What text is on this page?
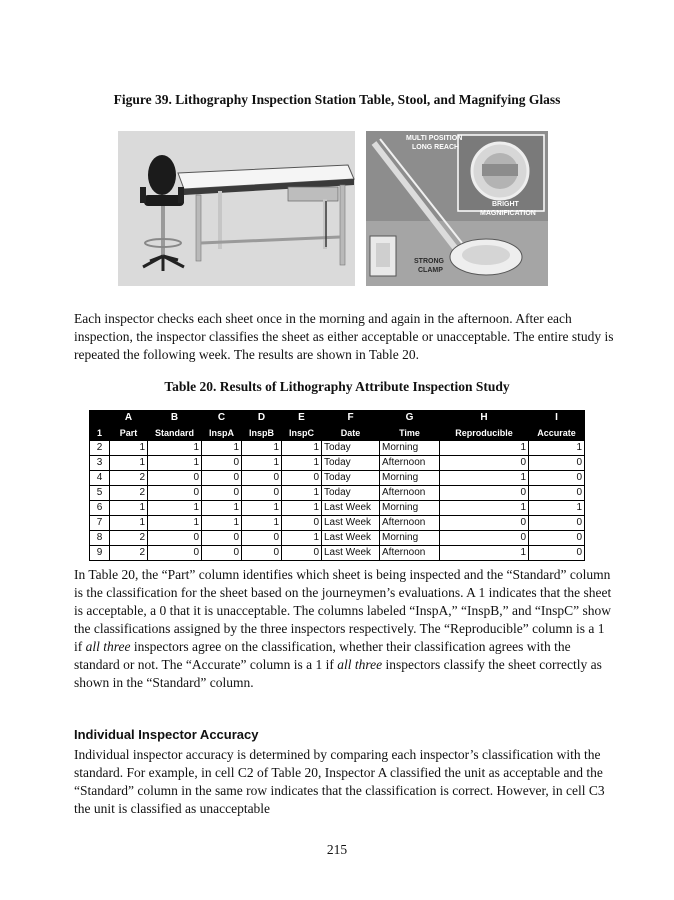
Figure 39. Lithography Inspection Station Table, Stool, and Magnifying Glass
MULTI POSITION
LONG REACH
BRIGHT
MAGNIFICATION
STRONG
CLAMP

Each inspector checks each sheet once in the morning and again in the afternoon. After each inspection, the inspector classifies the sheet as either acceptable or unacceptable. The entire study is repeated the following week. The results are shown in Table 20.

Table 20. Results of Lithography Attribute Inspection Study
	A	B	C	D	E	F	G	H	I
1	Part	Standard	InspA	InspB	InspC	Date	Time	Reproducible	Accurate
2	1	1	1	1	1	Today	Morning	1	1
3	1	1	0	1	1	Today	Afternoon	0	0
4	2	0	0	0	0	Today	Morning	1	0
5	2	0	0	0	1	Today	Afternoon	0	0
6	1	1	1	1	1	Last Week	Morning	1	1
7	1	1	1	1	0	Last Week	Afternoon	0	0
8	2	0	0	0	1	Last Week	Morning	0	0
9	2	0	0	0	0	Last Week	Afternoon	1	0

In Table 20, the “Part” column identifies which sheet is being inspected and the “Standard” column is the classification for the sheet based on the journeymen’s evaluations. A 1 indicates that the sheet is acceptable, a 0 that it is unacceptable. The columns labeled “InspA,” “InspB,” and “InspC” show the classifications assigned by the three inspectors respectively. The “Reproducible” column is a 1 if all three inspectors agree on the classification, whether their classification agrees with the standard or not. The “Accurate” column is a 1 if all three inspectors classify the sheet correctly as shown in the “Standard” column.

Individual Inspector Accuracy

Individual inspector accuracy is determined by comparing each inspector’s classification with the standard. For example, in cell C2 of Table 20, Inspector A classified the unit as acceptable and the “Standard” column in the same row indicates that the classification is correct. However, in cell C3 the unit is classified as unacceptable

215
